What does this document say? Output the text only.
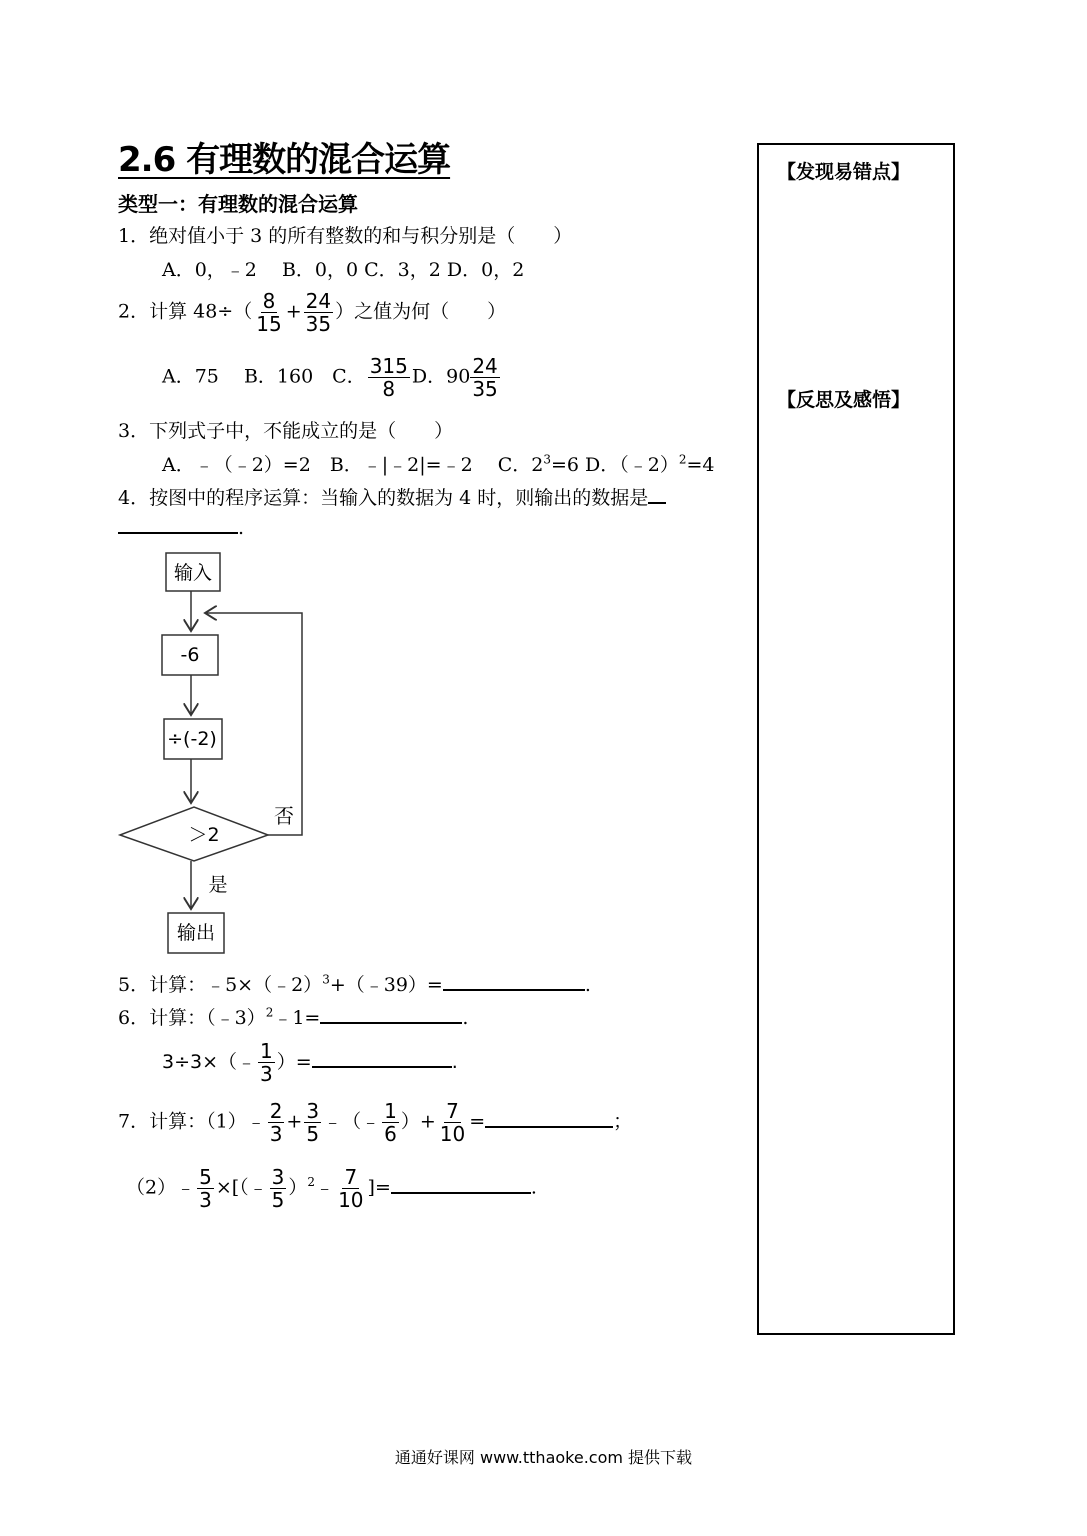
2.6 有理数的混合运算
类型一：有理数的混合运算
1．绝对值小于 3 的所有整数的和与积分别是（　　）
A．0，﹣2　 B．0，0 C．3，2 D．0，2
2．计算 $48\div( \frac{8}{15} + \frac{24}{35}$ ）之值为何（　　）
A．75　 B．160　C． $\frac{315}{8}$ D．$90 \frac{24}{35}$
3．下列式子中，不能成立的是（　　）
A．﹣（﹣2）=2　B．﹣|﹣2|=﹣2　 C．$2^3=6$ D．（﹣2）$^2$=4
4．按图中的程序运算：当输入的数据为 4 时，则输出的数据是
.
输入
-6
÷(-2)
＞2
否
是
输出
5．计算：﹣5×（﹣2）$^3$+（﹣39）=	.
6．计算：（﹣3）$^2$﹣1=	.
3÷3×（﹣ $\frac{1}{3}$ ）=	.
7．计算：（1）﹣ $\frac{2}{3} + \frac{3}{5}$ ﹣（﹣ $\frac{1}{6}$ ）+ $\frac{7}{10}$ =	；
（2）﹣ $\frac{5}{3}$ ×[（﹣ $\frac{3}{5}$ ）$^2$﹣ $\frac{7}{10}$ ]=	.
【发现易错点】
【反思及感悟】
通通好课网 www.tthaoke.com 提供下载
